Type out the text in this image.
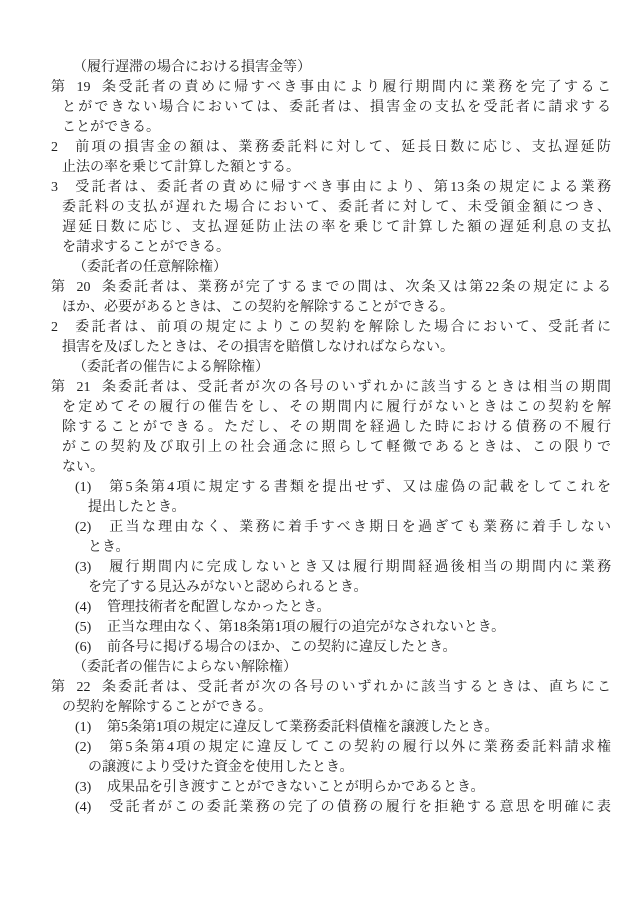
（履行遅滞の場合における損害金等）
第19条受託者の責めに帰すべき事由により履行期間内に業務を完了するこ
とができない場合においては、委託者は、損害金の支払を受託者に請求する
ことができる。
2 前項の損害金の額は、業務委託料に対して、延長日数に応じ、支払遅延防
止法の率を乗じて計算した額とする。
3 受託者は、委託者の責めに帰すべき事由により、第13条の規定による業務
委託料の支払が遅れた場合において、委託者に対して、未受領金額につき、
遅延日数に応じ、支払遅延防止法の率を乗じて計算した額の遅延利息の支払
を請求することができる。
（委託者の任意解除権）
第20条委託者は、業務が完了するまでの間は、次条又は第22条の規定による
ほか、必要があるときは、この契約を解除することができる。
2 委託者は、前項の規定によりこの契約を解除した場合において、受託者に
損害を及ぼしたときは、その損害を賠償しなければならない。
（委託者の催告による解除権）
第21条委託者は、受託者が次の各号のいずれかに該当するときは相当の期間
を定めてその履行の催告をし、その期間内に履行がないときはこの契約を解
除することができる。ただし、その期間を経過した時における債務の不履行
がこの契約及び取引上の社会通念に照らして軽微であるときは、この限りで
ない。
(1) 第5条第4項に規定する書類を提出せず、又は虚偽の記載をしてこれを
提出したとき。
(2) 正当な理由なく、業務に着手すべき期日を過ぎても業務に着手しない
とき。
(3) 履行期間内に完成しないとき又は履行期間経過後相当の期間内に業務
を完了する見込みがないと認められるとき。
(4) 管理技術者を配置しなかったとき。
(5) 正当な理由なく、第18条第1項の履行の追完がなされないとき。
(6) 前各号に掲げる場合のほか、この契約に違反したとき。
（委託者の催告によらない解除権）
第22条委託者は、受託者が次の各号のいずれかに該当するときは、直ちにこ
の契約を解除することができる。
(1) 第5条第1項の規定に違反して業務委託料債権を譲渡したとき。
(2) 第5条第4項の規定に違反してこの契約の履行以外に業務委託料請求権
の譲渡により受けた資金を使用したとき。
(3) 成果品を引き渡すことができないことが明らかであるとき。
(4) 受託者がこの委託業務の完了の債務の履行を拒絶する意思を明確に表
